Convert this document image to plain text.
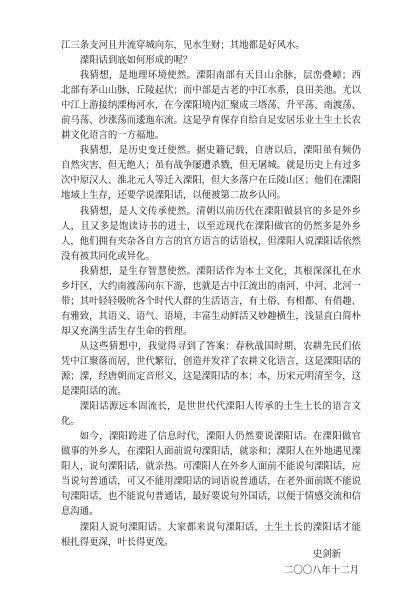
江三条支河且并流穿城向东，见水生财；其地都是好风水。

溧阳话到底如何形成的呢？

我猜想，是地理环境使然。溧阳南部有天目山余脉，层峦叠嶂；西北部有茅山山脉，丘陵起伏；而中部是古老的中江水系，良田美池。尤以中江上游接纳溧梅河水，在今溧阳境内汇聚成三塔荡、升平荡、南渡荡、前马荡、沙涨荡而逶迤东流。这是孕育保存自给自足安居乐业土生土长农耕文化语言的一方福地。

我猜想，是历史变迁使然。据史籍记载，自唐以后，溧阳虽有频仍自然灾害，但无绝人；虽有战争屡遭杀戮，但无屠城。就是历史上有过多次中原汉人、淮北元人等迁入溧阳，但大多落户在丘陵山区；他们在溧阳地域上生存，还要学说溧阳话，以便被第二故乡认同。

我猜想，是人文传承使然。清朝以前历代在溧阳做县官的多是外乡人，且又多是饱读诗书的进士，以至近现代在溧阳做官的仍然多是外乡人，他们拥有夹杂各自方言的官方语言的话语权，但溧阳人说溧阳话依然没有被其同化或异化。

我猜想，是生存智慧使然。溧阳话作为本土文化，其根深深扎在水乡圩区，大约南渡荡向东下游，也就是古中江流出的南河、中河、北河一带；其叶轻轻吸吮各个时代人群的生活语言，有土俗、有相都、有俏趣、有雅致，其语义、语气、语境，丰富生动鲜活又妙趣横生，浅显直白简朴却又充满生活生存生命的哲理。

从这些猜想中，我觉得寻到了答案：春秋战国时期，农耕先民们依凭中江聚落而居，世代繁衍，创造并发祥了农耕文化语言，这是溧阳话的源；溧，经唐朝而定音形义，这是溧阳话的本；本，历宋元明清至今，这是溧阳话的流。

溧阳话源远本固流长，是世世代代溧阳人传承的土生土长的语言文化。

如今，溧阳跨进了信息时代，溧阳人仍然要说溧阳话。在溧阳做官做事的外乡人，在溧阳人面前说句溧阳话，就亲和；溧阳人在外地遇见溧阳人，说句溧阳话，就亲热。可溧阳人在外乡人面前不能说句溧阳话，应当说句普通话，可又不能用溧阳话的词语说普通话，在老外面前既不能说句溧阳话，也不能说句普通话，最好要说句外国话，以便于情感交流和信息沟通。

溧阳人说句溧阳话。大家都来说句溧阳话，土生土长的溧阳话才能根扎得更深，叶长得更茂。

史剑新
二〇〇八年十二月
